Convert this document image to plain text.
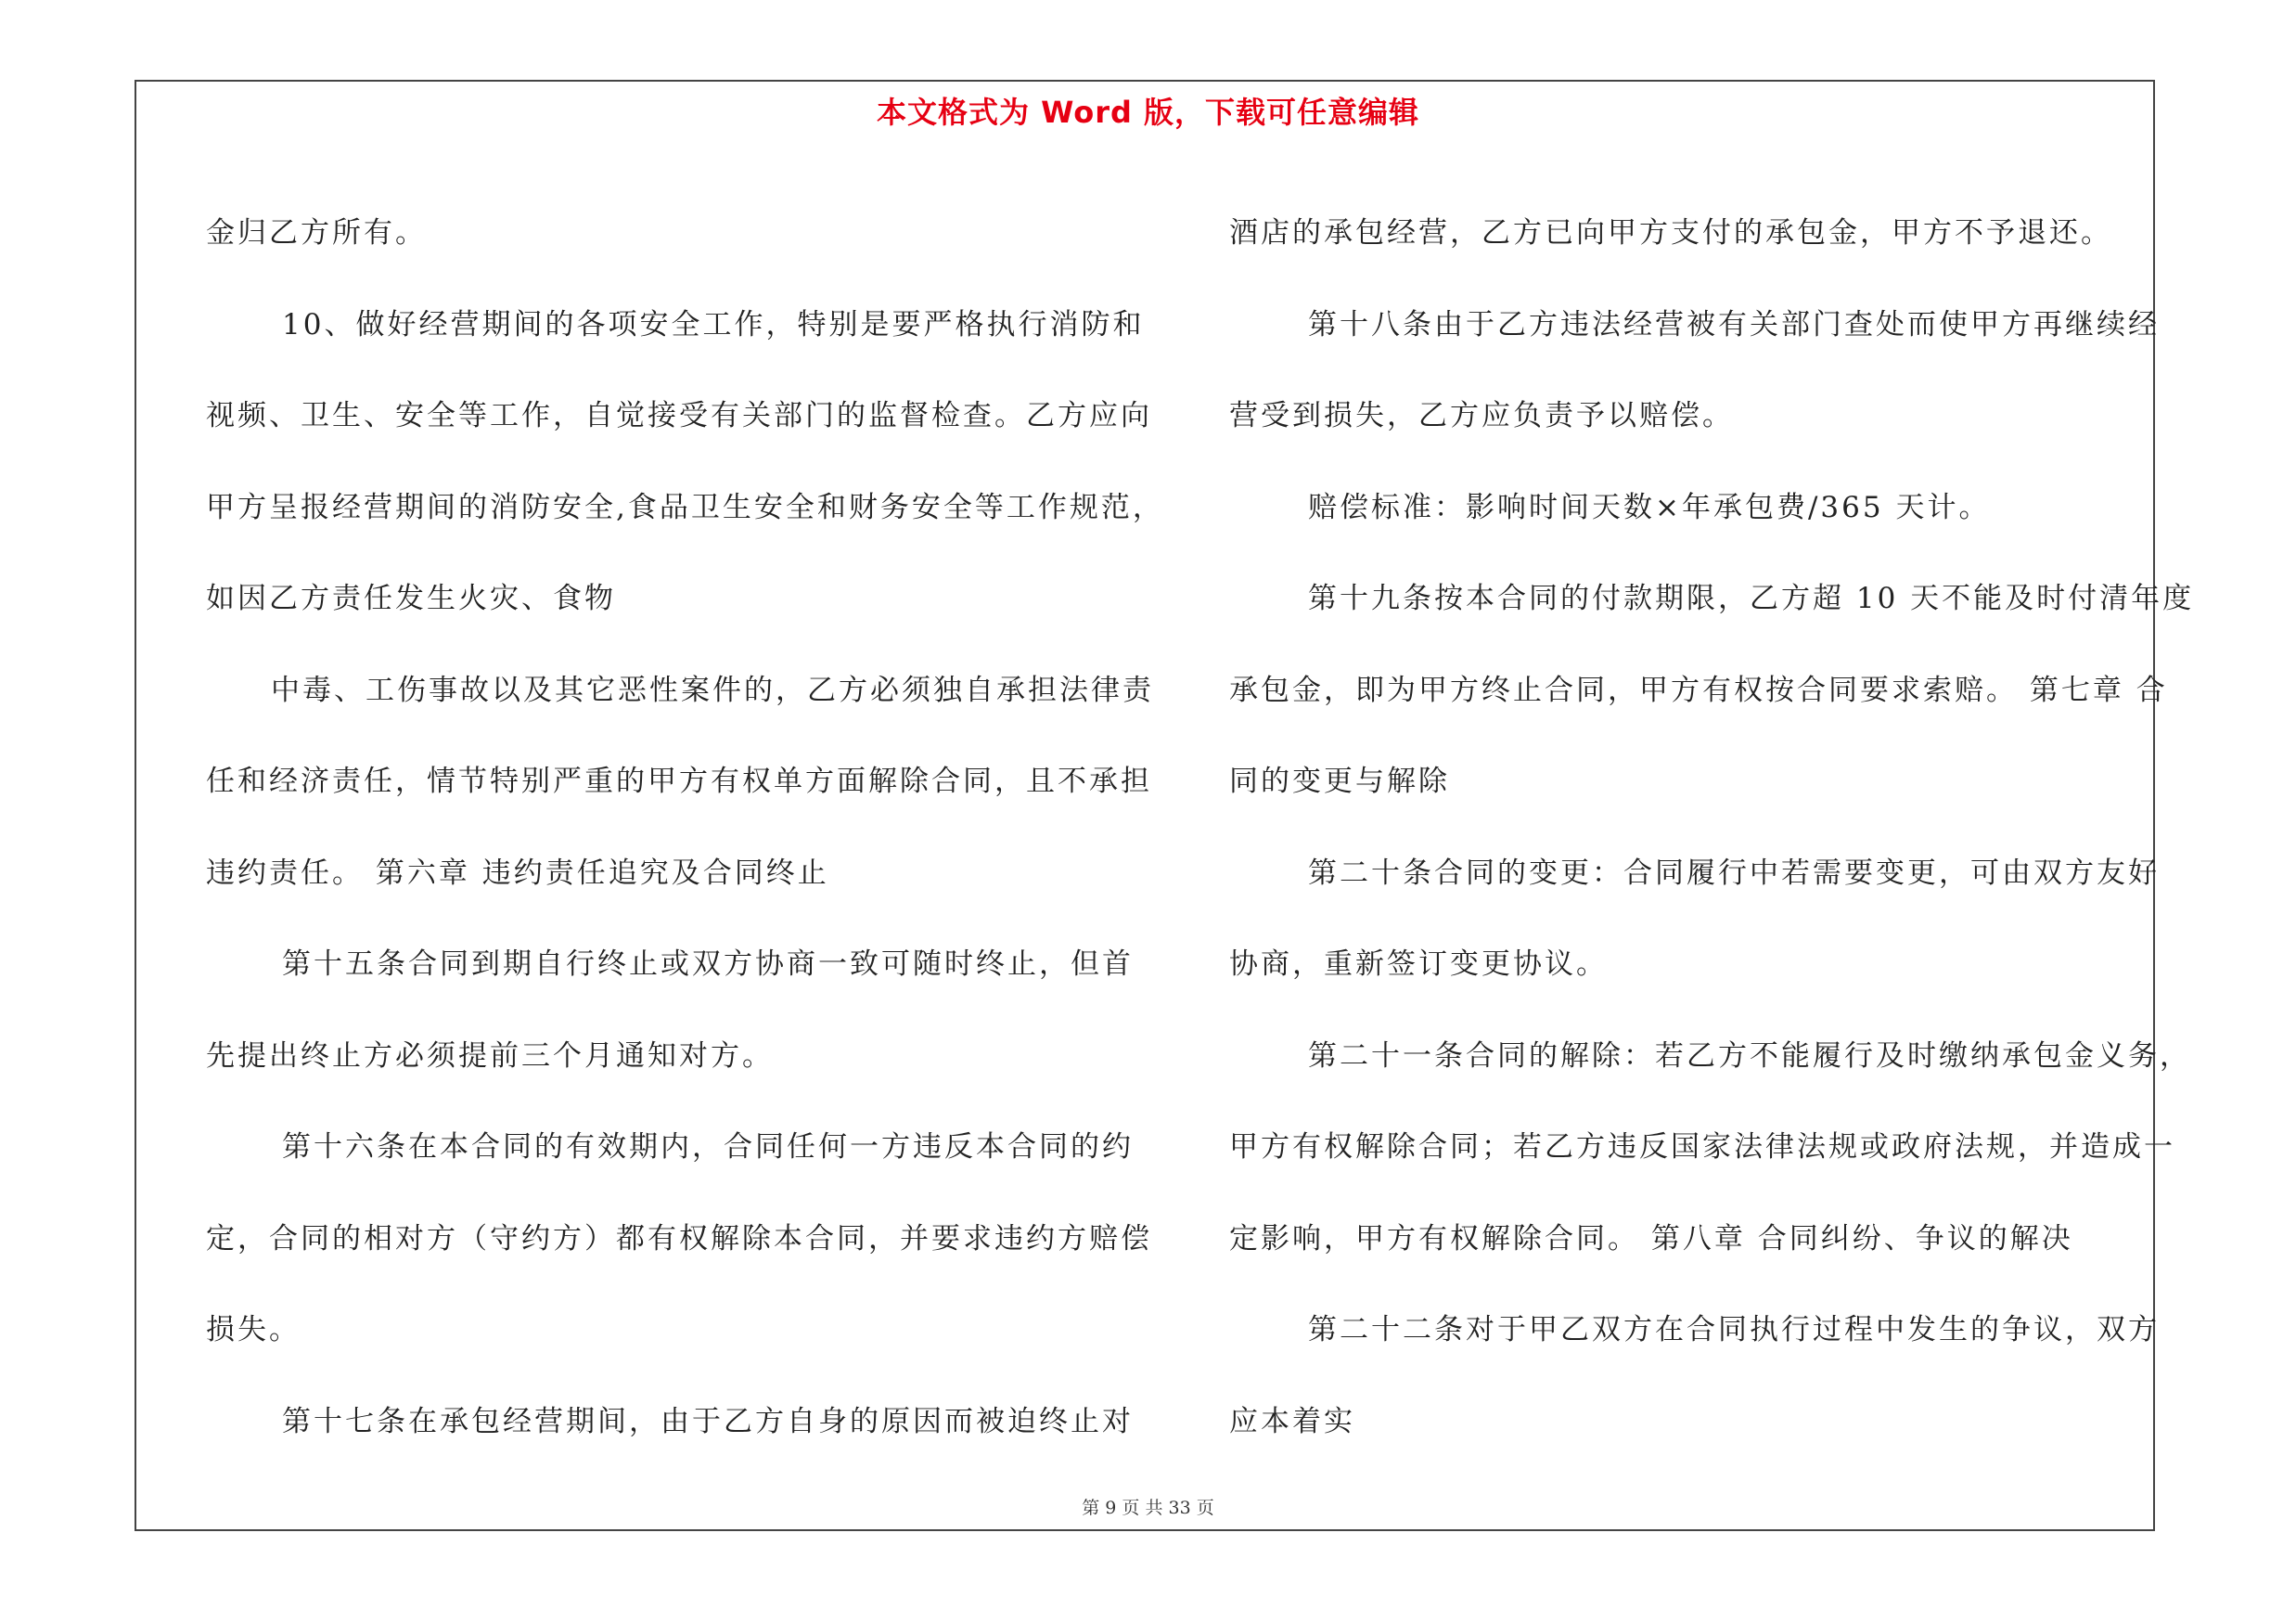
本文格式为 Word 版，下载可任意编辑
金归乙方所有。
10、做好经营期间的各项安全工作，特别是要严格执行消防和
视频、卫生、安全等工作，自觉接受有关部门的监督检查。乙方应向
甲方呈报经营期间的消防安全,食品卫生安全和财务安全等工作规范，
如因乙方责任发生火灾、食物
中毒、工伤事故以及其它恶性案件的，乙方必须独自承担法律责
任和经济责任，情节特别严重的甲方有权单方面解除合同，且不承担
违约责任。 第六章 违约责任追究及合同终止
第十五条合同到期自行终止或双方协商一致可随时终止，但首
先提出终止方必须提前三个月通知对方。
第十六条在本合同的有效期内，合同任何一方违反本合同的约
定，合同的相对方（守约方）都有权解除本合同，并要求违约方赔偿
损失。
第十七条在承包经营期间，由于乙方自身的原因而被迫终止对
酒店的承包经营，乙方已向甲方支付的承包金，甲方不予退还。
第十八条由于乙方违法经营被有关部门查处而使甲方再继续经
营受到损失，乙方应负责予以赔偿。
赔偿标准：影响时间天数×年承包费/365 天计。
第十九条按本合同的付款期限，乙方超 10 天不能及时付清年度
承包金，即为甲方终止合同，甲方有权按合同要求索赔。 第七章 合
同的变更与解除
第二十条合同的变更：合同履行中若需要变更，可由双方友好
协商，重新签订变更协议。
第二十一条合同的解除：若乙方不能履行及时缴纳承包金义务，
甲方有权解除合同；若乙方违反国家法律法规或政府法规，并造成一
定影响，甲方有权解除合同。 第八章 合同纠纷、争议的解决
第二十二条对于甲乙双方在合同执行过程中发生的争议，双方
应本着实
第 9 页 共 33 页
